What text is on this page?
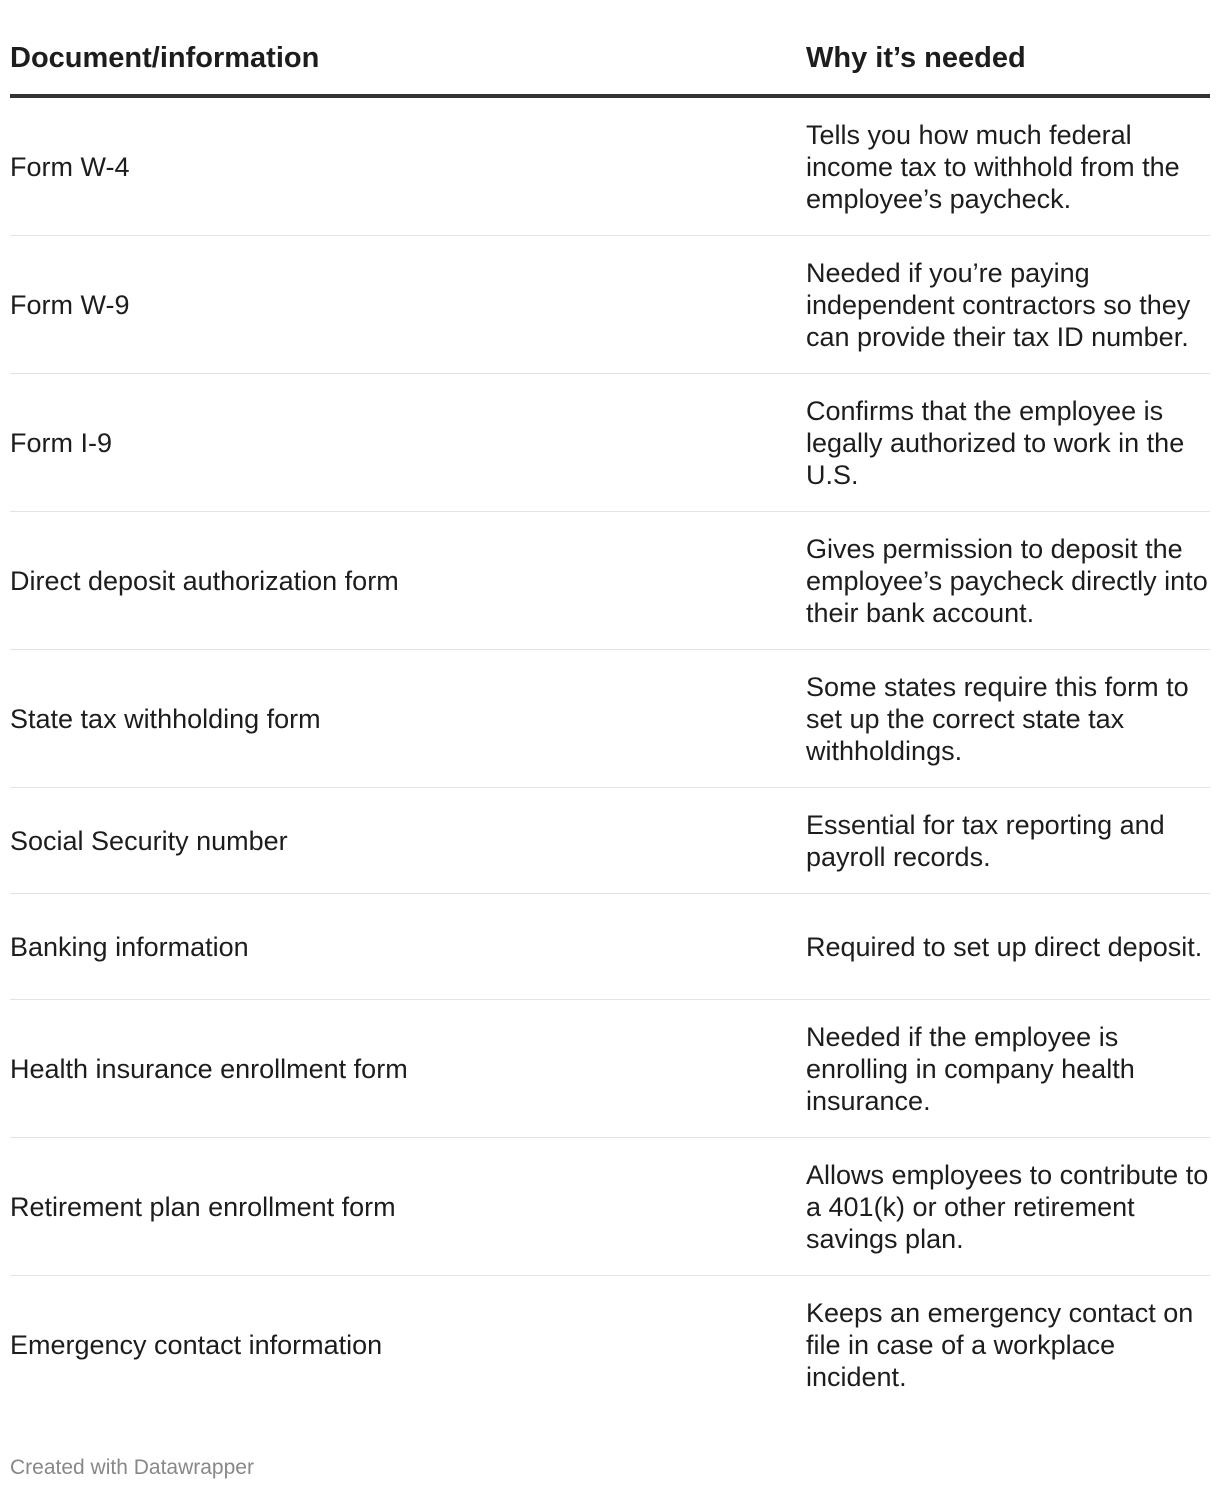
Document/information	Why it’s needed
Form W-4
Tells you how much federal income tax to withhold from the employee’s paycheck.
Form W-9
Needed if you’re paying independent contractors so they can provide their tax ID number.
Form I-9
Confirms that the employee is legally authorized to work in the U.S.
Direct deposit authorization form
Gives permission to deposit the employee’s paycheck directly into their bank account.
State tax withholding form
Some states require this form to set up the correct state tax withholdings.
Social Security number
Essential for tax reporting and payroll records.
Banking information	Required to set up direct deposit.
Health insurance enrollment form
Needed if the employee is enrolling in company health insurance.
Retirement plan enrollment form
Allows employees to contribute to a 401(k) or other retirement savings plan.
Emergency contact information
Keeps an emergency contact on file in case of a workplace incident.
Created with Datawrapper
